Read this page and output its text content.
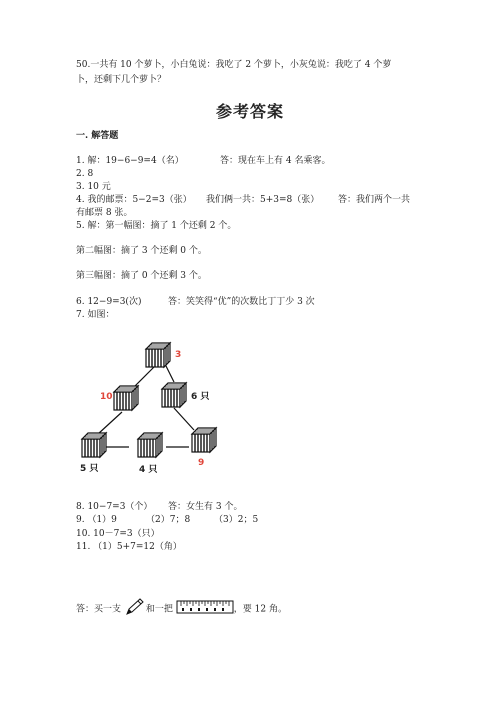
50.一共有 10 个萝卜，小白兔说：我吃了 2 个萝卜，小灰兔说：我吃了 4 个萝
卜，还剩下几个萝卜？
参考答案
一. 解答题
1. 解：19−6−9=4（名）	答：现在车上有 4 名乘客。
2. 8
3. 10 元
4. 我的邮票：5−2=3（张） 我们俩一共：5+3=8（张） 答：我们两个一共
有邮票 8 张。
5. 解：第一幅图：摘了 1 个还剩 2 个。
第二幅图：摘了 3 个还剩 0 个。
第三幅图：摘了 0 个还剩 3 个。
6. 12−9=3(次)	答：笑笑得“优”的次数比丁丁少 3 次
7. 如图：
3
10	6 只
5 只	4 只
9
8. 10−7=3（个） 答：女生有 3 个。
9. （1）9	（2）7；8	（3）2；5
10. 10－7=3（只）
11. （1）5+7=12（角）
答：买一支	和一把	，要 12 角。
